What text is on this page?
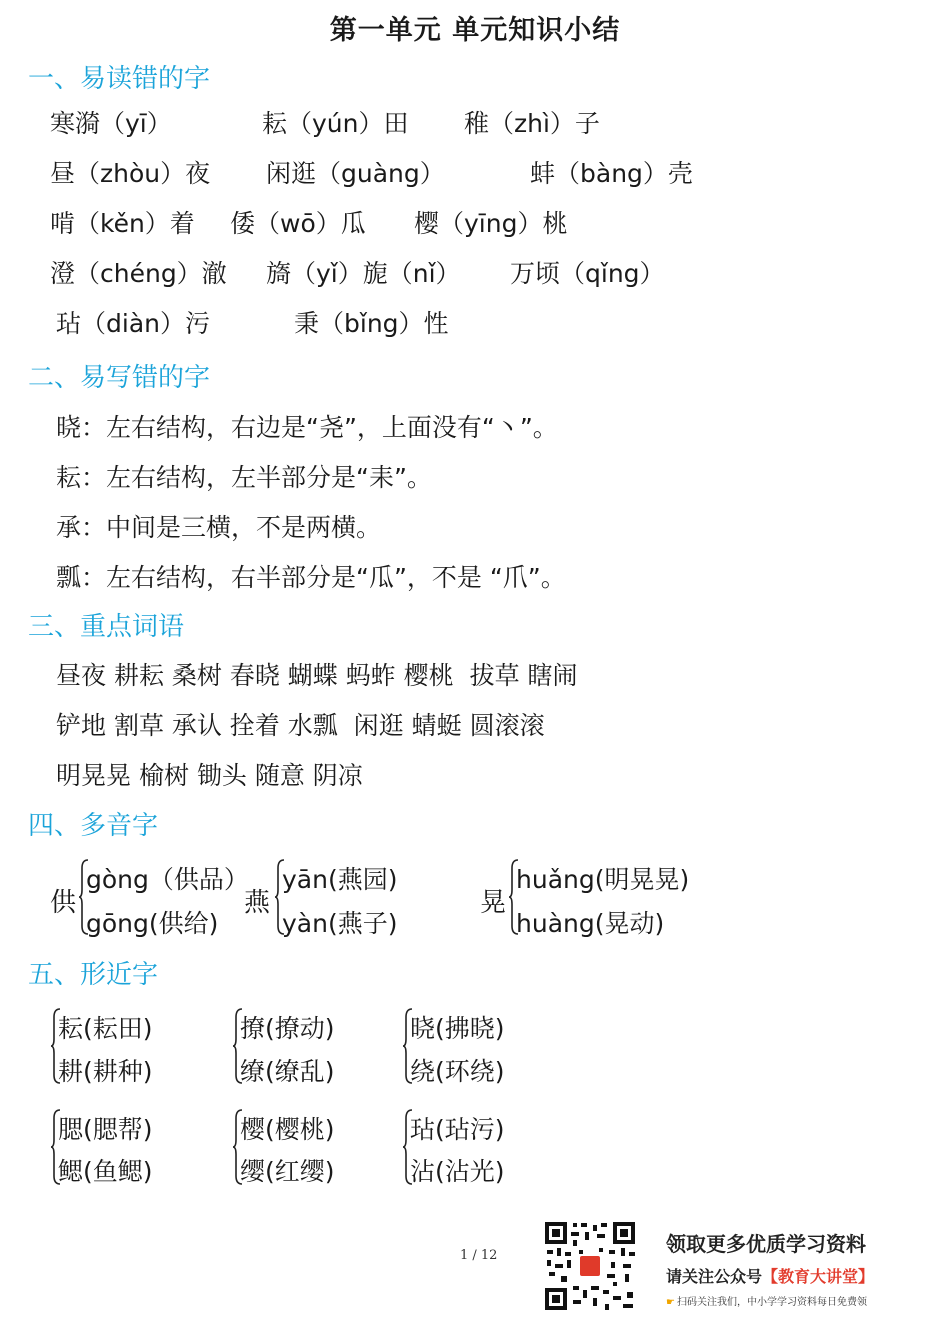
第一单元 单元知识小结
一、易读错的字
寒漪（yī）	耘（yún）田 稚（zhì）子
昼（zhòu）夜 闲逛（guàng）	蚌（bàng）壳
啃（kěn）着 倭（wō）瓜 樱（yīng）桃
澄（chéng）澈 旖（yǐ）旎（nǐ） 万顷（qǐng）
玷（diàn）污	秉（bǐng）性
二、易写错的字
晓：左右结构，右边是“尧”，上面没有“丶”。
耘：左右结构，左半部分是“耒”。
承：中间是三横，不是两横。
瓢：左右结构，右半部分是“瓜”，不是 “爪”。
三、重点词语
昼夜 耕耘 桑树 春晓 蝴蝶 蚂蚱 樱桃  拔草 瞎闹
铲地 割草 承认 拴着 水瓢  闲逛 蜻蜓 圆滚滚
明晃晃 榆树 锄头 随意 阴凉
四、多音字
供
gòng（供品）
gōng(供给)
燕
yān(燕园)
yàn(燕子)
晃
huǎng(明晃晃)
huàng(晃动)
五、形近字
耘(耘田)
耕(耕种)
撩(撩动)
缭(缭乱)
晓(拂晓)
绕(环绕)
腮(腮帮)
鳃(鱼鳃)
樱(樱桃)
缨(红缨)
玷(玷污)
沾(沾光)
1 / 12	领取更多优质学习资料
请关注公众号【教育大讲堂】
☛ 扫码关注我们，中小学学习资料每日免费领
